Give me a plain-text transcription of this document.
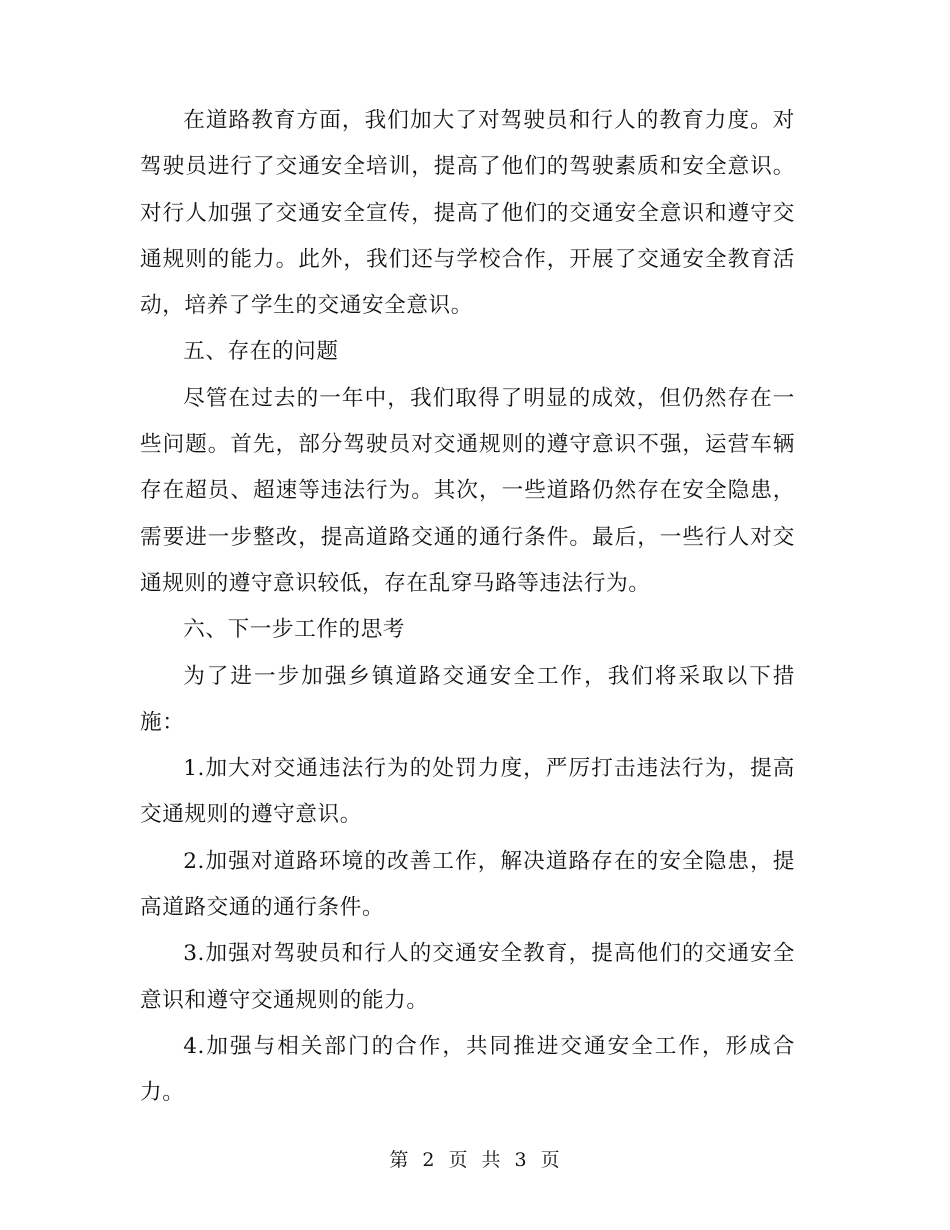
在道路教育方面，我们加大了对驾驶员和行人的教育力度。对驾驶员进行了交通安全培训，提高了他们的驾驶素质和安全意识。对行人加强了交通安全宣传，提高了他们的交通安全意识和遵守交通规则的能力。此外，我们还与学校合作，开展了交通安全教育活动，培养了学生的交通安全意识。

五、存在的问题

尽管在过去的一年中，我们取得了明显的成效，但仍然存在一些问题。首先，部分驾驶员对交通规则的遵守意识不强，运营车辆存在超员、超速等违法行为。其次，一些道路仍然存在安全隐患，需要进一步整改，提高道路交通的通行条件。最后，一些行人对交通规则的遵守意识较低，存在乱穿马路等违法行为。

六、下一步工作的思考

为了进一步加强乡镇道路交通安全工作，我们将采取以下措施：

1.加大对交通违法行为的处罚力度，严厉打击违法行为，提高交通规则的遵守意识。

2.加强对道路环境的改善工作，解决道路存在的安全隐患，提高道路交通的通行条件。

3.加强对驾驶员和行人的交通安全教育，提高他们的交通安全意识和遵守交通规则的能力。

4.加强与相关部门的合作，共同推进交通安全工作，形成合力。

第 2 页 共 3 页
